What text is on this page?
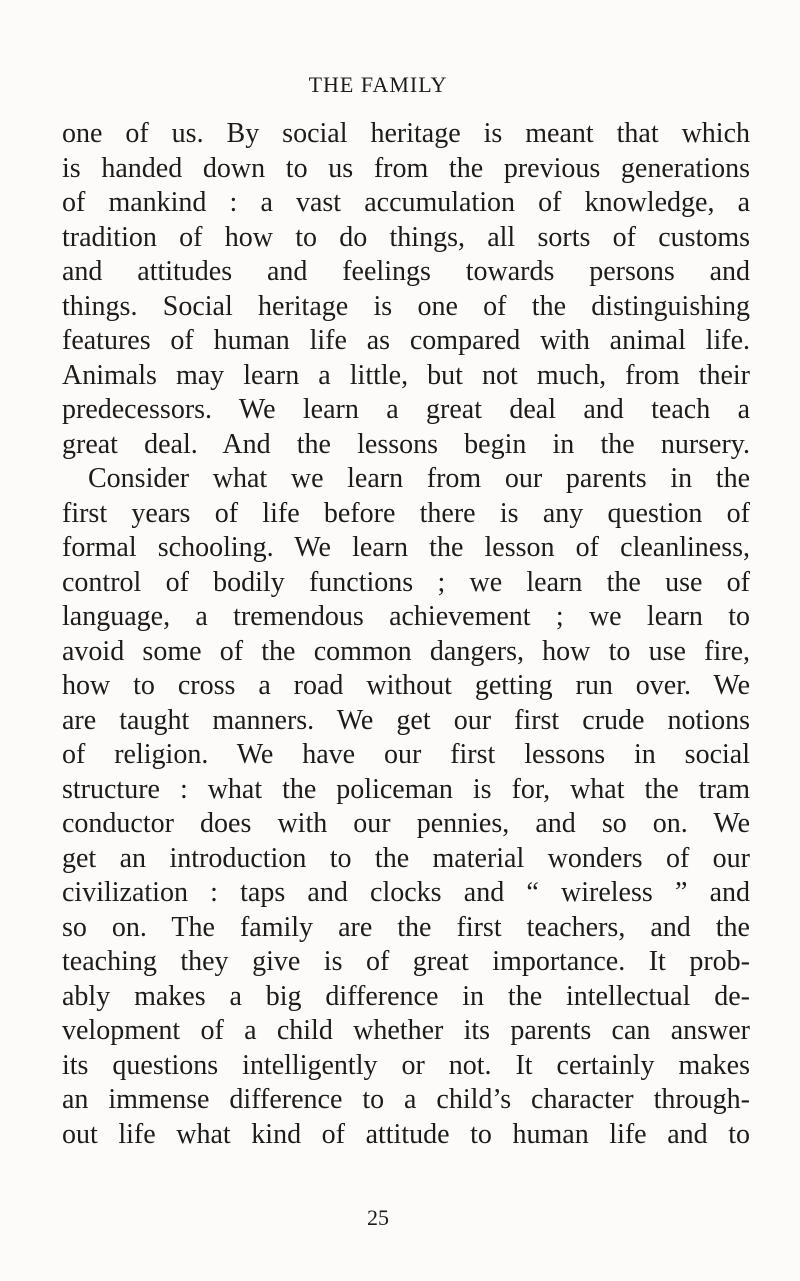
THE FAMILY
one of us. By social heritage is meant that which
is handed down to us from the previous generations
of mankind : a vast accumulation of knowledge, a
tradition of how to do things, all sorts of customs
and attitudes and feelings towards persons and
things. Social heritage is one of the distinguishing
features of human life as compared with animal life.
Animals may learn a little, but not much, from their
predecessors. We learn a great deal and teach a
great deal. And the lessons begin in the nursery.
Consider what we learn from our parents in the
first years of life before there is any question of
formal schooling. We learn the lesson of cleanliness,
control of bodily functions ; we learn the use of
language, a tremendous achievement ; we learn to
avoid some of the common dangers, how to use fire,
how to cross a road without getting run over. We
are taught manners. We get our first crude notions
of religion. We have our first lessons in social
structure : what the policeman is for, what the tram
conductor does with our pennies, and so on. We
get an introduction to the material wonders of our
civilization : taps and clocks and “ wireless ” and
so on. The family are the first teachers, and the
teaching they give is of great importance. It prob-
ably makes a big difference in the intellectual de-
velopment of a child whether its parents can answer
its questions intelligently or not. It certainly makes
an immense difference to a child’s character through-
out life what kind of attitude to human life and to
25
